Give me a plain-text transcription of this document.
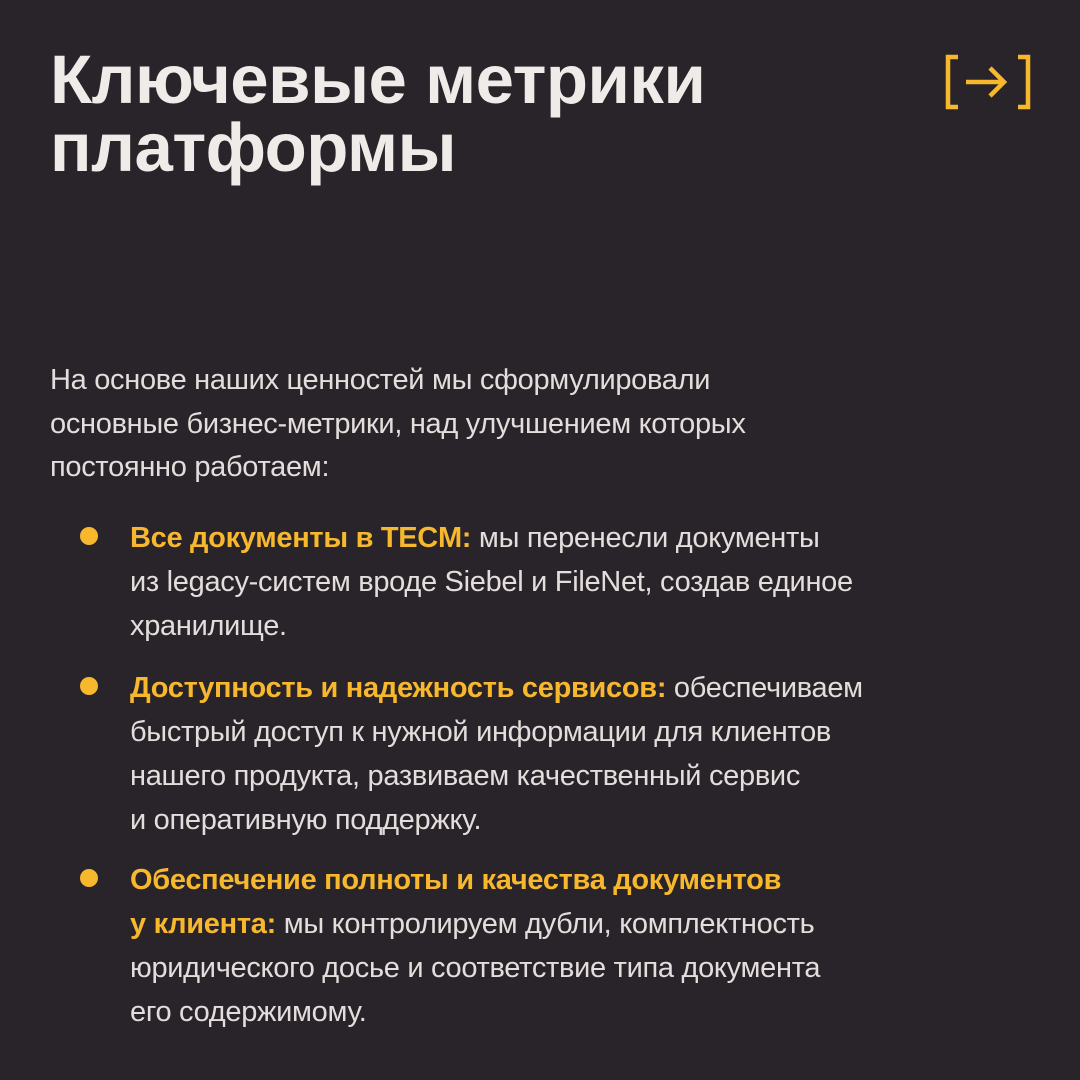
Ключевые метрики
платформы

На основе наших ценностей мы сформулировали
основные бизнес-метрики, над улучшением которых
постоянно работаем:

Все документы в TECM: мы перенесли документы
из legacy-систем вроде Siebel и FileNet, создав единое
хранилище.
Доступность и надежность сервисов: обеспечиваем
быстрый доступ к нужной информации для клиентов
нашего продукта, развиваем качественный сервис
и оперативную поддержку.
Обеспечение полноты и качества документов
у клиента: мы контролируем дубли, комплектность
юридического досье и соответствие типа документа
его содержимому.
